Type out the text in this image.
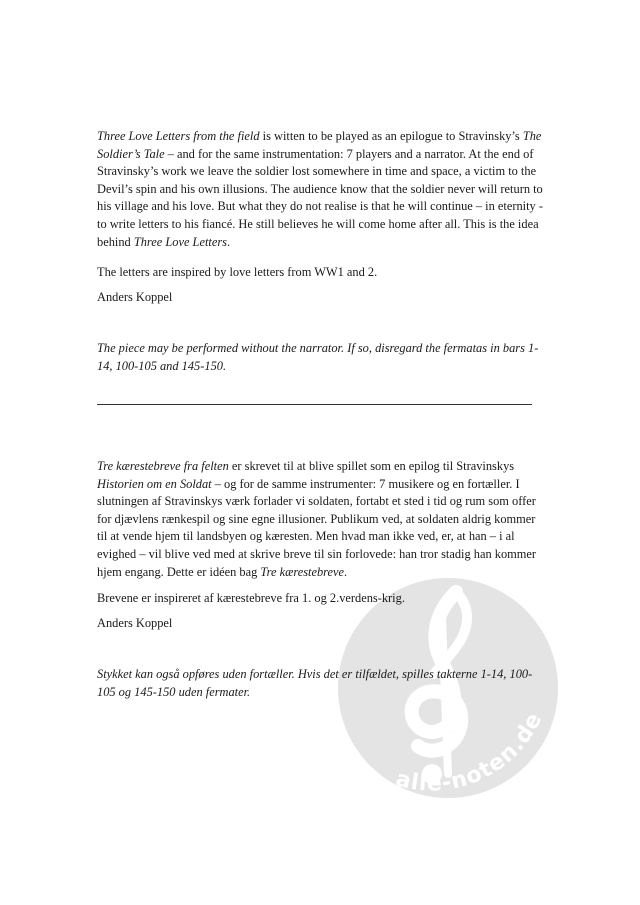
alle-noten.de

Three Love Letters from the field is witten to be played as an epilogue to Stravinsky’s The Soldier’s Tale – and for the same instrumentation: 7 players and a narrator. At the end of Stravinsky’s work we leave the soldier lost somewhere in time and space, a victim to the Devil’s spin and his own illusions. The audience know that the soldier never will return to his village and his love. But what they do not realise is that he will continue – in eternity - to write letters to his fiancé. He still believes he will come home after all. This is the idea behind Three Love Letters.

The letters are inspired by love letters from WW1 and 2.

Anders Koppel

The piece may be performed without the narrator. If so, disregard the fermatas in bars 1-14, 100-105 and 145-150.

Tre kærestebreve fra felten er skrevet til at blive spillet som en epilog til Stravinskys Historien om en Soldat – og for de samme instrumenter: 7 musikere og en fortæller. I slutningen af Stravinskys værk forlader vi soldaten, fortabt et sted i tid og rum som offer for djævlens rænkespil og sine egne illusioner. Publikum ved, at soldaten aldrig kommer til at vende hjem til landsbyen og kæresten. Men hvad man ikke ved, er, at han – i al evighed – vil blive ved med at skrive breve til sin forlovede: han tror stadig han kommer hjem engang. Dette er idéen bag Tre kærestebreve.

Brevene er inspireret af kærestebreve fra 1. og 2.verdens-krig.

Anders Koppel

Stykket kan også opføres uden fortæller. Hvis det er tilfældet, spilles takterne 1-14, 100-105 og 145-150 uden fermater.
